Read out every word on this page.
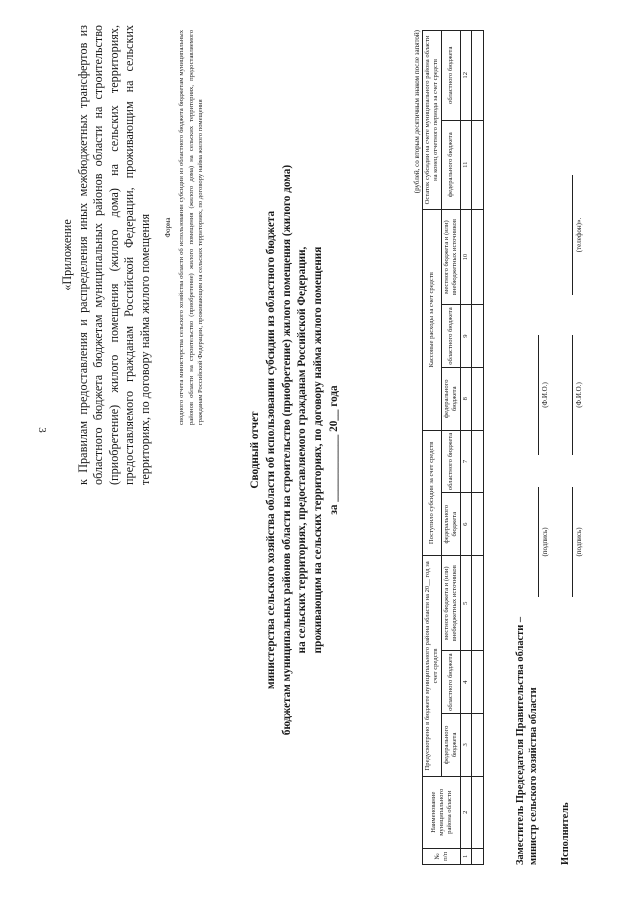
3
«Приложение к Правилам предоставления и распределения иных межбюджетных трансфертов из областного бюджета бюджетам муниципальных районов области на строительство (приобретение) жилого помещения (жилого дома) на сельских территориях, предоставляемого гражданам Российской Федерации, проживающим на сельских территориях, по договору найма жилого помещения Форма сводного отчета министерства сельского хозяйства области об использовании субсидии из областного бюджета бюджетам муниципальных районов области на строительство (приобретение) жилого помещения (жилого дома) на сельских территориях, предоставляемого гражданам Российской Федерации, проживающим на сельских территориях, по договору найма жилого помещения
Сводный отчет министерства сельского хозяйства области об использовании субсидии из областного бюджета бюджетам муниципальных районов области на строительство (приобретение) жилого помещения (жилого дома) на сельских территориях, предоставляемого гражданам Российской Федерации, проживающим на сельских территориях, по договору найма жилого помещения за ____________ 20__ года
(рублей, со вторым десятичным знаком после запятой)
№ п/п	Наименование муниципального района области	Предусмотрено в бюджете муниципального района области на 20__ год за счет средств			Поступило субсидии за счет средств		Кассовые расходы за счет средств			Остаток субсидии на счете муниципального района области на конец отчетного периода за счет средств	
		федерального бюджета	областного бюджета	местного бюджета и (или) внебюджетных источников	федерального бюджета	областного бюджета	федерального бюджета	областного бюджета	местного бюджета и (или) внебюджетных источников	федерального бюджета	областного бюджета
1	2	3	4	5	6	7	8	9	10	11	12

Заместитель Председателя Правительства области – министр сельского хозяйства области
(подпись)
(Ф.И.О.)
Исполнитель
(подпись)
(Ф.И.О.)
(телефон)».
